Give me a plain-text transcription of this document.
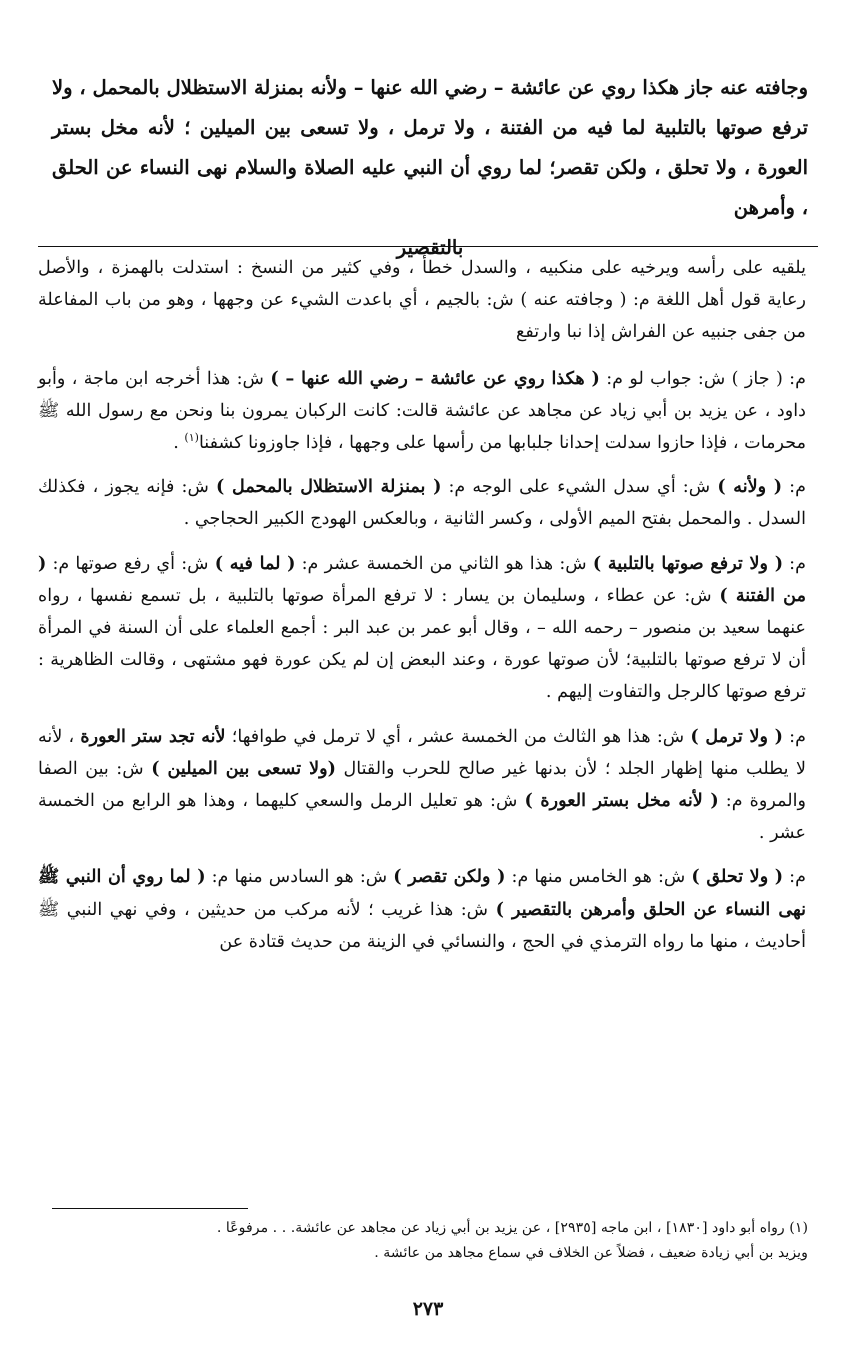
وجافته عنه جاز هكذا روي عن عائشة – رضي الله عنها – ولأنه بمنزلة الاستظلال بالمحمل ، ولا ترفع صوتها بالتلبية لما فيه من الفتنة ، ولا ترمل ، ولا تسعى بين الميلين ؛ لأنه مخل بستر العورة ، ولا تحلق ، ولكن تقصر؛ لما روي أن النبي عليه الصلاة والسلام نهى النساء عن الحلق ، وأمرهن
بالتقصير

يلقيه على رأسه ويرخيه على منكبيه ، والسدل خطأ ، وفي كثير من النسخ : استدلت بالهمزة ، والأصل رعاية قول أهل اللغة م: ( وجافته عنه ) ش: بالجيم ، أي باعدت الشيء عن وجهها ، وهو من باب المفاعلة من جفى جنبيه عن الفراش إذا نبا وارتفع

م: ( جاز ) ش: جواب لو م: ( هكذا روي عن عائشة – رضي الله عنها – ) ش: هذا أخرجه ابن ماجة ، وأبو داود ، عن يزيد بن أبي زياد عن مجاهد عن عائشة قالت: كانت الركبان يمرون بنا ونحن مع رسول الله ﷺ محرمات ، فإذا حازوا سدلت إحدانا جلبابها من رأسها على وجهها ، فإذا جاوزونا كشفنا$^{(١)}$ .

م: ( ولأنه ) ش: أي سدل الشيء على الوجه م: ( بمنزلة الاستظلال بالمحمل ) ش: فإنه يجوز ، فكذلك السدل . والمحمل بفتح الميم الأولى ، وكسر الثانية ، وبالعكس الهودج الكبير الحجاجي .

م: ( ولا ترفع صوتها بالتلبية ) ش: هذا هو الثاني من الخمسة عشر م: ( لما فيه ) ش: أي رفع صوتها م: ( من الفتنة ) ش: عن عطاء ، وسليمان بن يسار : لا ترفع المرأة صوتها بالتلبية ، بل تسمع نفسها ، رواه عنهما سعيد بن منصور – رحمه الله – ، وقال أبو عمر بن عبد البر : أجمع العلماء على أن السنة في المرأة أن لا ترفع صوتها بالتلبية؛ لأن صوتها عورة ، وعند البعض إن لم يكن عورة فهو مشتهى ، وقالت الظاهرية : ترفع صوتها كالرجل والتفاوت إليهم .

م: ( ولا ترمل ) ش: هذا هو الثالث من الخمسة عشر ، أي لا ترمل في طوافها؛ لأنه تجد ستر العورة ، لأنه لا يطلب منها إظهار الجلد ؛ لأن بدنها غير صالح للحرب والقتال (ولا تسعى بين الميلين ) ش: بين الصفا والمروة م: ( لأنه مخل بستر العورة ) ش: هو تعليل الرمل والسعي كليهما ، وهذا هو الرابع من الخمسة عشر .

م: ( ولا تحلق ) ش: هو الخامس منها م: ( ولكن تقصر ) ش: هو السادس منها م: ( لما روي أن النبي ﷺ نهى النساء عن الحلق وأمرهن بالتقصير ) ش: هذا غريب ؛ لأنه مركب من حديثين ، وفي نهي النبي ﷺ أحاديث ، منها ما رواه الترمذي في الحج ، والنسائي في الزينة من حديث قتادة عن

(١) رواه أبو داود [١٨٣٠] ، ابن ماجه [٢٩٣٥] ، عن يزيد بن أبي زياد عن مجاهد عن عائشة. . . مرفوعًا .

ويزيد بن أبي زيادة ضعيف ، فضلاً عن الخلاف في سماع مجاهد من عائشة .

٢٧٣
